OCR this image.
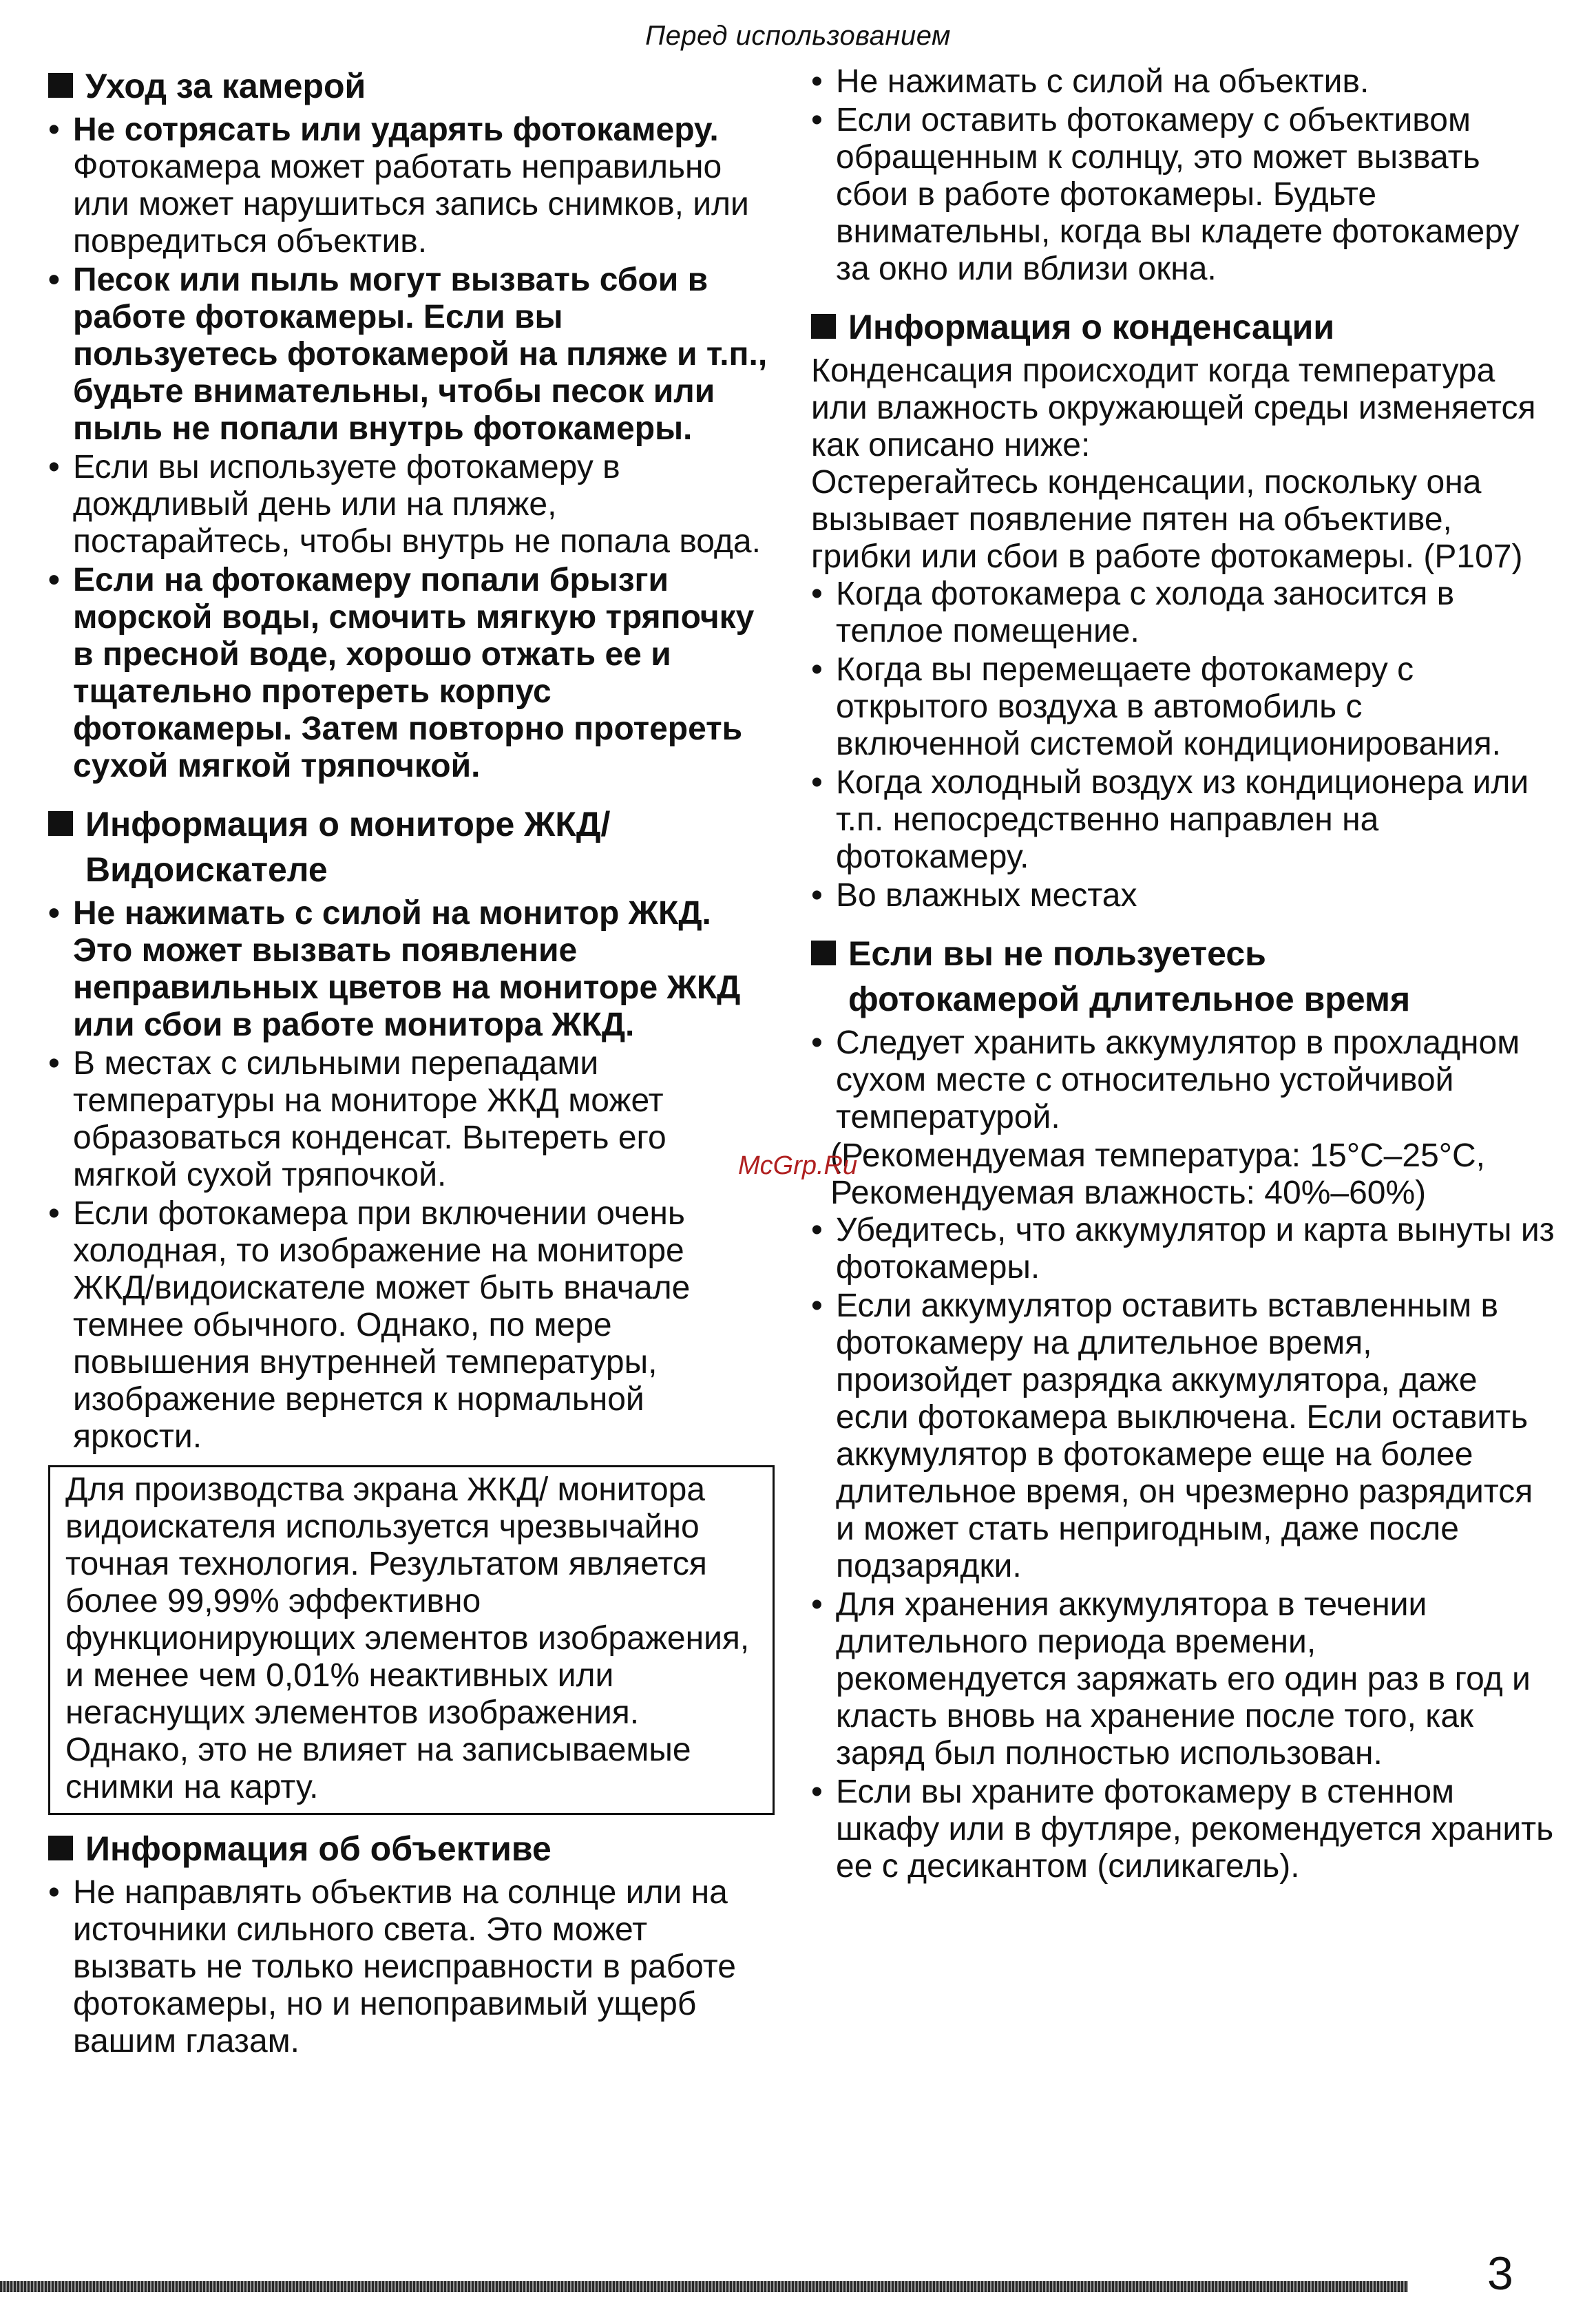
Перед использованием
Уход за камерой
• Не сотрясать или ударять фотокамеру. Фотокамера может работать неправильно или может нарушиться запись снимков, или повредиться объектив.
• Песок или пыль могут вызвать сбои в работе фотокамеры. Если вы пользуетесь фотокамерой на пляже и т.п., будьте внимательны, чтобы песок или пыль не попали внутрь фотокамеры.
• Если вы используете фотокамеру в дождливый день или на пляже, постарайтесь, чтобы внутрь не попала вода.
• Если на фотокамеру попали брызги морской воды, смочить мягкую тряпочку в пресной воде, хорошо отжать ее и тщательно протереть корпус фотокамеры. Затем повторно протереть сухой мягкой тряпочкой.
Информация о мониторе ЖКД/
Видоискателе
• Не нажимать с силой на монитор ЖКД. Это может вызвать появление неправильных цветов на мониторе ЖКД или сбои в работе монитора ЖКД.
• В местах с сильными перепадами температуры на мониторе ЖКД может образоваться конденсат. Вытереть его мягкой сухой тряпочкой.
• Если фотокамера при включении очень холодная, то изображение на мониторе ЖКД/видоискателе может быть вначале темнее обычного. Однако, по мере повышения внутренней температуры, изображение вернется к нормальной яркости.
Для производства экрана ЖКД/ монитора видоискателя используется чрезвычайно точная технология. Результатом является более 99,99% эффективно функционирующих элементов изображения, и менее чем 0,01% неактивных или негаснущих элементов изображения. Однако, это не влияет на записываемые снимки на карту.
Информация об объективе
• Не направлять объектив на солнце или на источники сильного света. Это может вызвать не только неисправности в работе фотокамеры, но и непоправимый ущерб вашим глазам.
• Не нажимать с силой на объектив.
• Если оставить фотокамеру с объективом обращенным к солнцу, это может вызвать сбои в работе фотокамеры. Будьте внимательны, когда вы кладете фотокамеру за окно или вблизи окна.
Информация о конденсации

Конденсация происходит когда температура или влажность окружающей среды изменяется как описано ниже:

Остерегайтесь конденсации, поскольку она вызывает появление пятен на объективе, грибки или сбои в работе фотокамеры. (P107)

• Когда фотокамера с холода заносится в теплое помещение.
• Когда вы перемещаете фотокамеру с открытого воздуха в автомобиль с включенной системой кондиционирования.
• Когда холодный воздух из кондиционера или т.п. непосредственно направлен на фотокамеру.
• Во влажных местах
Если вы не пользуетесь
фотокамерой длительное время
• Следует хранить аккумулятор в прохладном сухом месте с относительно устойчивой температурой.

(Рекомендуемая температура: 15°C–25°C, Рекомендуемая влажность: 40%–60%)

• Убедитесь, что аккумулятор и карта вынуты из фотокамеры.
• Если аккумулятор оставить вставленным в фотокамеру на длительное время, произойдет разрядка аккумулятора, даже если фотокамера выключена. Если оставить аккумулятор в фотокамере еще на более длительное время, он чрезмерно разрядится и может стать непригодным, даже после подзарядки.
• Для хранения аккумулятора в течении длительного периода времени, рекомендуется заряжать его один раз в год и класть вновь на хранение после того, как заряд был полностью использован.
• Если вы храните фотокамеру в стенном шкафу или в футляре, рекомендуется хранить ее с десикантом (силикагель).
McGrp.Ru
3
